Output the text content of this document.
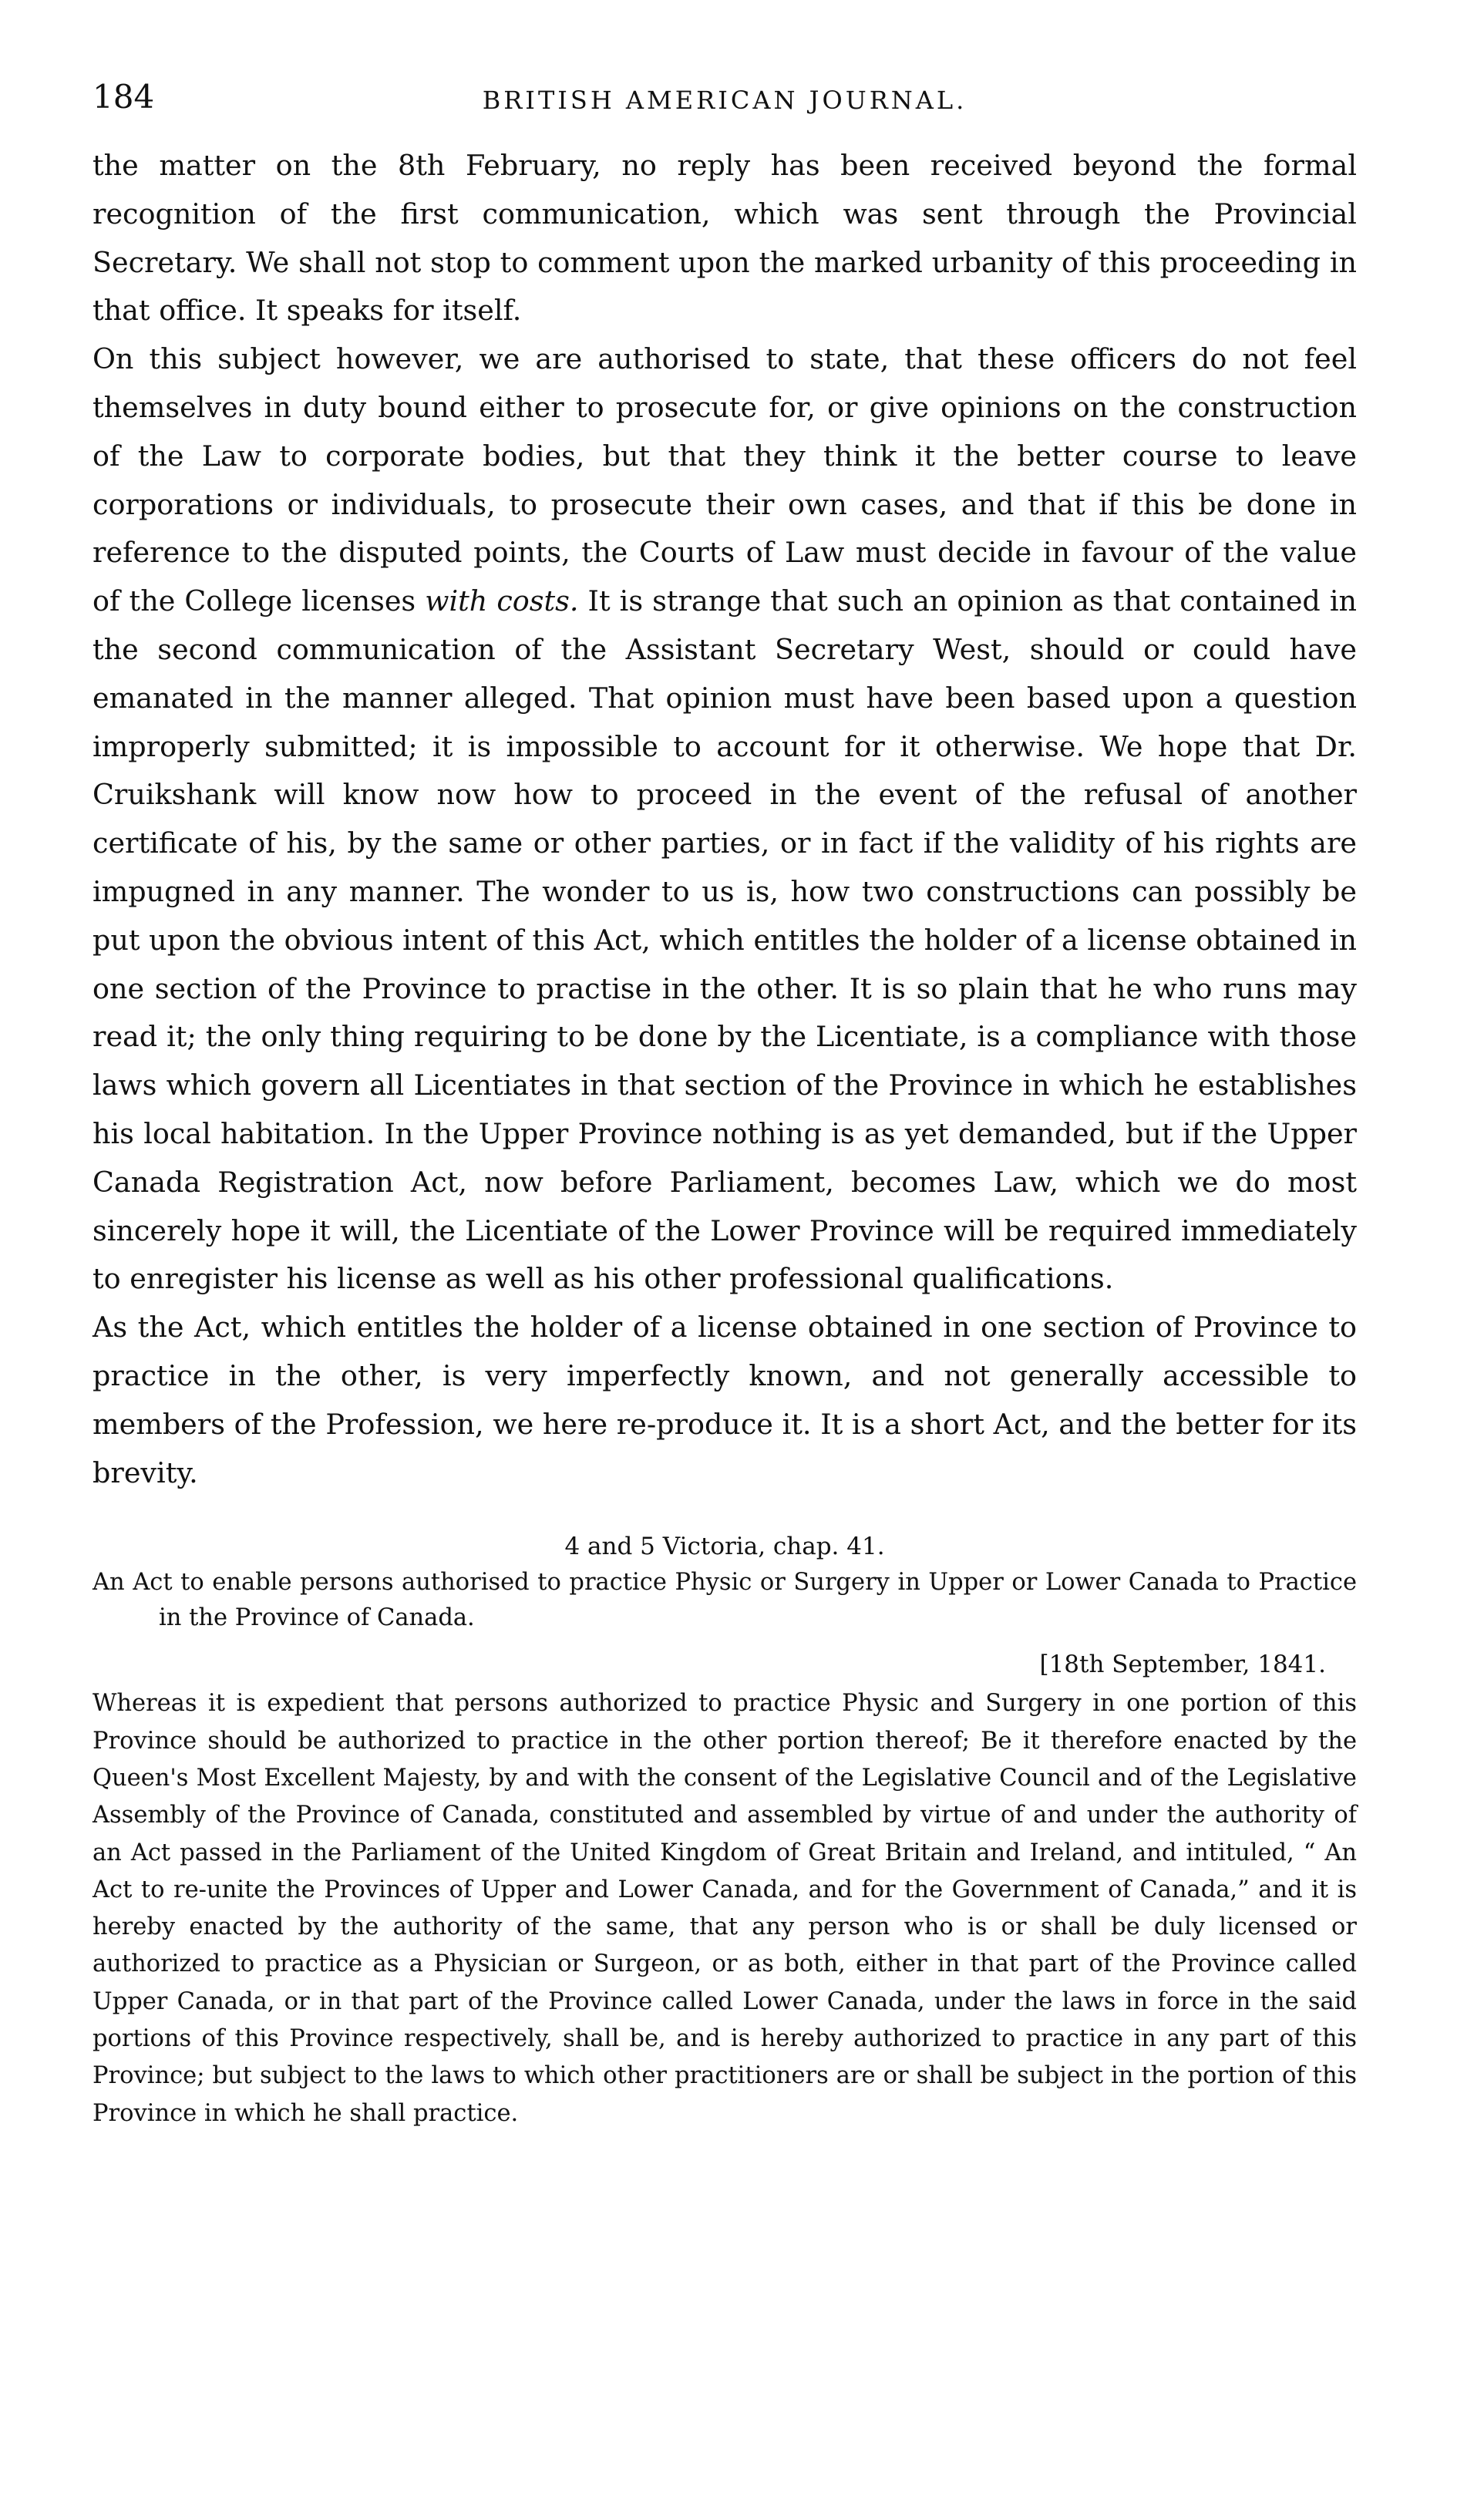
184	BRITISH AMERICAN JOURNAL.

the matter on the 8th February, no reply has been received beyond the formal recognition of the first communication, which was sent through the Provincial Secretary. We shall not stop to comment upon the marked urbanity of this proceeding in that office. It speaks for itself.

On this subject however, we are authorised to state, that these officers do not feel themselves in duty bound either to prosecute for, or give opinions on the construction of the Law to corporate bodies, but that they think it the better course to leave corporations or individuals, to prosecute their own cases, and that if this be done in reference to the disputed points, the Courts of Law must decide in favour of the value of the College licenses with costs. It is strange that such an opinion as that contained in the second communication of the Assistant Secretary West, should or could have emanated in the manner alleged. That opinion must have been based upon a question improperly submitted; it is impossible to account for it otherwise. We hope that Dr. Cruikshank will know now how to proceed in the event of the refusal of another certificate of his, by the same or other parties, or in fact if the validity of his rights are impugned in any manner. The wonder to us is, how two constructions can possibly be put upon the obvious intent of this Act, which entitles the holder of a license obtained in one section of the Province to practise in the other. It is so plain that he who runs may read it; the only thing requiring to be done by the Licentiate, is a compliance with those laws which govern all Licentiates in that section of the Province in which he establishes his local habitation. In the Upper Province nothing is as yet demanded, but if the Upper Canada Registration Act, now before Parliament, becomes Law, which we do most sincerely hope it will, the Licentiate of the Lower Province will be required immediately to enregister his license as well as his other professional qualifications.

As the Act, which entitles the holder of a license obtained in one section of Province to practice in the other, is very imperfectly known, and not generally accessible to members of the Profession, we here re-produce it. It is a short Act, and the better for its brevity.

4 and 5 Victoria, chap. 41.

An Act to enable persons authorised to practice Physic or Surgery in Upper or Lower Canada to Practice in the Province of Canada.

[18th September, 1841.

Whereas it is expedient that persons authorized to practice Physic and Surgery in one portion of this Province should be authorized to practice in the other portion thereof; Be it therefore enacted by the Queen's Most Excellent Majesty, by and with the consent of the Legislative Council and of the Legislative Assembly of the Province of Canada, constituted and assembled by virtue of and under the authority of an Act passed in the Parliament of the United Kingdom of Great Britain and Ireland, and intituled, “ An Act to re-unite the Provinces of Upper and Lower Canada, and for the Government of Canada,” and it is hereby enacted by the authority of the same, that any person who is or shall be duly licensed or authorized to practice as a Physician or Surgeon, or as both, either in that part of the Province called Upper Canada, or in that part of the Province called Lower Canada, under the laws in force in the said portions of this Province respectively, shall be, and is hereby authorized to practice in any part of this Province; but subject to the laws to which other practitioners are or shall be subject in the portion of this Province in which he shall practice.
